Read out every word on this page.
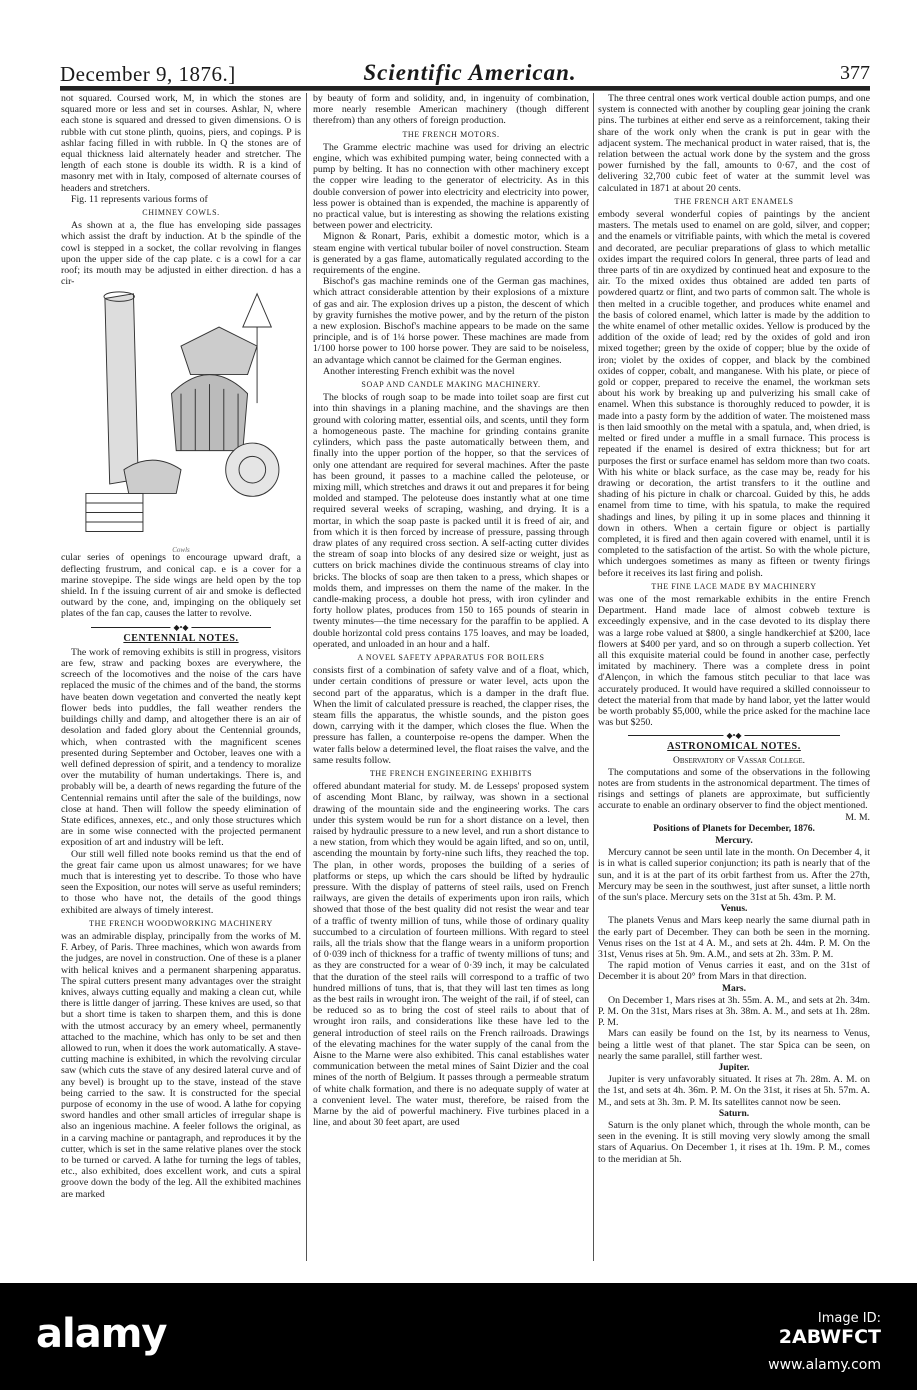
December 9, 1876.]	Scientific American.	377

not squared. Coursed work, M, in which the stones are squared more or less and set in courses. Ashlar, N, where each stone is squared and dressed to given dimensions. O is rubble with cut stone plinth, quoins, piers, and copings. P is ashlar facing filled in with rubble. In Q the stones are of equal thickness laid alternately header and stretcher. The length of each stone is double its width. R is a kind of masonry met with in Italy, composed of alternate courses of headers and stretchers.

Fig. 11 represents various forms of

CHIMNEY COWLS.

As shown at a, the flue has enveloping side passages which assist the draft by induction. At b the spindle of the cowl is stepped in a socket, the collar revolving in flanges upon the upper side of the cap plate. c is a cowl for a car roof; its mouth may be adjusted in either direction. d has a cir-

Cowls

cular series of openings to encourage upward draft, a deflecting frustrum, and conical cap. e is a cover for a marine stovepipe. The side wings are held open by the top shield. In f the issuing current of air and smoke is deflected outward by the cone, and, impinging on the obliquely set plates of the fan cap, causes the latter to revolve.

◆•◆
CENTENNIAL NOTES.

The work of removing exhibits is still in progress, visitors are few, straw and packing boxes are everywhere, the screech of the locomotives and the noise of the cars have replaced the music of the chimes and of the band, the storms have beaten down vegetation and converted the neatly kept flower beds into puddles, the fall weather renders the buildings chilly and damp, and altogether there is an air of desolation and faded glory about the Centennial grounds, which, when contrasted with the magnificent scenes presented during September and October, leaves one with a well defined depression of spirit, and a tendency to moralize over the mutability of human undertakings. There is, and probably will be, a dearth of news regarding the future of the Centennial remains until after the sale of the buildings, now close at hand. Then will follow the speedy elimination of State edifices, annexes, etc., and only those structures which are in some wise connected with the projected permanent exposition of art and industry will be left.

Our still well filled note books remind us that the end of the great fair came upon us almost unawares; for we have much that is interesting yet to describe. To those who have seen the Exposition, our notes will serve as useful reminders; to those who have not, the details of the good things exhibited are always of timely interest.

THE FRENCH WOODWORKING MACHINERY

was an admirable display, principally from the works of M. F. Arbey, of Paris. Three machines, which won awards from the judges, are novel in construction. One of these is a planer with helical knives and a permanent sharpening apparatus. The spiral cutters present many advantages over the straight knives, always cutting equally and making a clean cut, while there is little danger of jarring. These knives are used, so that but a short time is taken to sharpen them, and this is done with the utmost accuracy by an emery wheel, permanently attached to the machine, which has only to be set and then allowed to run, when it does the work automatically. A stave-cutting machine is exhibited, in which the revolving circular saw (which cuts the stave of any desired lateral curve and of any bevel) is brought up to the stave, instead of the stave being carried to the saw. It is constructed for the special purpose of economy in the use of wood. A lathe for copying sword handles and other small articles of irregular shape is also an ingenious machine. A feeler follows the original, as in a carving machine or pantagraph, and reproduces it by the cutter, which is set in the same relative planes over the stock to be turned or carved. A lathe for turning the legs of tables, etc., also exhibited, does excellent work, and cuts a spiral groove down the body of the leg. All the exhibited machines are marked

by beauty of form and solidity, and, in ingenuity of combination, more nearly resemble American machinery (though different therefrom) than any others of foreign production.

THE FRENCH MOTORS.

The Gramme electric machine was used for driving an electric engine, which was exhibited pumping water, being connected with a pump by belting. It has no connection with other machinery except the copper wire leading to the generator of electricity. As in this double conversion of power into electricity and electricity into power, less power is obtained than is expended, the machine is apparently of no practical value, but is interesting as showing the relations existing between power and electricity.

Mignon & Ronart, Paris, exhibit a domestic motor, which is a steam engine with vertical tubular boiler of novel construction. Steam is generated by a gas flame, automatically regulated according to the requirements of the engine.

Bischof's gas machine reminds one of the German gas machines, which attract considerable attention by their explosions of a mixture of gas and air. The explosion drives up a piston, the descent of which by gravity furnishes the motive power, and by the return of the piston a new explosion. Bischof's machine appears to be made on the same principle, and is of 1¼ horse power. These machines are made from 1/100 horse power to 100 horse power. They are said to be noiseless, an advantage which cannot be claimed for the German engines.

Another interesting French exhibit was the novel

SOAP AND CANDLE MAKING MACHINERY.

The blocks of rough soap to be made into toilet soap are first cut into thin shavings in a planing machine, and the shavings are then ground with coloring matter, essential oils, and scents, until they form a homogeneous paste. The machine for grinding contains granite cylinders, which pass the paste automatically between them, and finally into the upper portion of the hopper, so that the services of only one attendant are required for several machines. After the paste has been ground, it passes to a machine called the peloteuse, or mixing mill, which stretches and draws it out and prepares it for being molded and stamped. The peloteuse does instantly what at one time required several weeks of scraping, washing, and drying. It is a mortar, in which the soap paste is packed until it is freed of air, and from which it is then forced by increase of pressure, passing through draw plates of any required cross section. A self-acting cutter divides the stream of soap into blocks of any desired size or weight, just as cutters on brick machines divide the continuous streams of clay into bricks. The blocks of soap are then taken to a press, which shapes or molds them, and impresses on them the name of the maker. In the candle-making process, a double hot press, with iron cylinder and forty hollow plates, produces from 150 to 165 pounds of stearin in twenty minutes—the time necessary for the paraffin to be applied. A double horizontal cold press contains 175 loaves, and may be loaded, operated, and unloaded in an hour and a half.

A NOVEL SAFETY APPARATUS FOR BOILERS

consists first of a combination of safety valve and of a float, which, under certain conditions of pressure or water level, acts upon the second part of the apparatus, which is a damper in the draft flue. When the limit of calculated pressure is reached, the clapper rises, the steam fills the apparatus, the whistle sounds, and the piston goes down, carrying with it the damper, which closes the flue. When the pressure has fallen, a counterpoise re-opens the damper. When the water falls below a determined level, the float raises the valve, and the same results follow.

THE FRENCH ENGINEERING EXHIBITS

offered abundant material for study. M. de Lesseps' proposed system of ascending Mont Blanc, by railway, was shown in a sectional drawing of the mountain side and the engineering works. The cars under this system would be run for a short distance on a level, then raised by hydraulic pressure to a new level, and run a short distance to a new station, from which they would be again lifted, and so on, until, ascending the mountain by forty-nine such lifts, they reached the top. The plan, in other words, proposes the building of a series of platforms or steps, up which the cars should be lifted by hydraulic pressure. With the display of patterns of steel rails, used on French railways, are given the details of experiments upon iron rails, which showed that those of the best quality did not resist the wear and tear of a traffic of twenty million of tuns, while those of ordinary quality succumbed to a circulation of fourteen millions. With regard to steel rails, all the trials show that the flange wears in a uniform proportion of 0·039 inch of thickness for a traffic of twenty millions of tuns; and as they are constructed for a wear of 0·39 inch, it may be calculated that the duration of the steel rails will correspond to a traffic of two hundred millions of tuns, that is, that they will last ten times as long as the best rails in wrought iron. The weight of the rail, if of steel, can be reduced so as to bring the cost of steel rails to about that of wrought iron rails, and considerations like these have led to the general introduction of steel rails on the French railroads. Drawings of the elevating machines for the water supply of the canal from the Aisne to the Marne were also exhibited. This canal establishes water communication between the metal mines of Saint Dizier and the coal mines of the north of Belgium. It passes through a permeable stratum of white chalk formation, and there is no adequate supply of water at a convenient level. The water must, therefore, be raised from the Marne by the aid of powerful machinery. Five turbines placed in a line, and about 30 feet apart, are used

The three central ones work vertical double action pumps, and one system is connected with another by coupling gear joining the crank pins. The turbines at either end serve as a reinforcement, taking their share of the work only when the crank is put in gear with the adjacent system. The mechanical product in water raised, that is, the relation between the actual work done by the system and the gross power furnished by the fall, amounts to 0·67, and the cost of delivering 32,700 cubic feet of water at the summit level was calculated in 1871 at about 20 cents.

THE FRENCH ART ENAMELS

embody several wonderful copies of paintings by the ancient masters. The metals used to enamel on are gold, silver, and copper; and the enamels or vitrifiable paints, with which the metal is covered and decorated, are peculiar preparations of glass to which metallic oxides impart the required colors In general, three parts of lead and three parts of tin are oxydized by continued heat and exposure to the air. To the mixed oxides thus obtained are added ten parts of powdered quartz or flint, and two parts of common salt. The whole is then melted in a crucible together, and produces white enamel and the basis of colored enamel, which latter is made by the addition to the white enamel of other metallic oxides. Yellow is produced by the addition of the oxide of lead; red by the oxides of gold and iron mixed together; green by the oxide of copper; blue by the oxide of iron; violet by the oxides of copper, and black by the combined oxides of copper, cobalt, and manganese. With his plate, or piece of gold or copper, prepared to receive the enamel, the workman sets about his work by breaking up and pulverizing his small cake of enamel. When this substance is thoroughly reduced to powder, it is made into a pasty form by the addition of water. The moistened mass is then laid smoothly on the metal with a spatula, and, when dried, is melted or fired under a muffle in a small furnace. This process is repeated if the enamel is desired of extra thickness; but for art purposes the first or surface enamel has seldom more than two coats. With his white or black surface, as the case may be, ready for his drawing or decoration, the artist transfers to it the outline and shading of his picture in chalk or charcoal. Guided by this, he adds enamel from time to time, with his spatula, to make the required shadings and lines, by piling it up in some places and thinning it down in others. When a certain figure or object is partially completed, it is fired and then again covered with enamel, until it is completed to the satisfaction of the artist. So with the whole picture, which undergoes sometimes as many as fifteen or twenty firings before it receives its last firing and polish.

THE FINE LACE MADE BY MACHINERY

was one of the most remarkable exhibits in the entire French Department. Hand made lace of almost cobweb texture is exceedingly expensive, and in the case devoted to its display there was a large robe valued at $800, a single handkerchief at $200, lace flowers at $400 per yard, and so on through a superb collection. Yet all this exquisite material could be found in another case, perfectly imitated by machinery. There was a complete dress in point d'Alençon, in which the famous stitch peculiar to that lace was accurately produced. It would have required a skilled connoisseur to detect the material from that made by hand labor, yet the latter would be worth probably $5,000, while the price asked for the machine lace was but $250.

◆•◆
ASTRONOMICAL NOTES.

Observatory of Vassar College.

The computations and some of the observations in the following notes are from students in the astronomical department. The times of risings and settings of planets are approximate, but sufficiently accurate to enable an ordinary observer to find the object mentioned.

M. M.

Positions of Planets for December, 1876.
Mercury.

Mercury cannot be seen until late in the month. On December 4, it is in what is called superior conjunction; its path is nearly that of the sun, and it is at the part of its orbit farthest from us. After the 27th, Mercury may be seen in the southwest, just after sunset, a little north of the sun's place. Mercury sets on the 31st at 5h. 43m. P. M.

Venus.

The planets Venus and Mars keep nearly the same diurnal path in the early part of December. They can both be seen in the morning. Venus rises on the 1st at 4 A. M., and sets at 2h. 44m. P. M. On the 31st, Venus rises at 5h. 9m. A.M., and sets at 2h. 33m. P. M.

The rapid motion of Venus carries it east, and on the 31st of December it is about 20° from Mars in that direction.

Mars.

On December 1, Mars rises at 3h. 55m. A. M., and sets at 2h. 34m. P. M. On the 31st, Mars rises at 3h. 38m. A. M., and sets at 1h. 28m. P. M.

Mars can easily be found on the 1st, by its nearness to Venus, being a little west of that planet. The star Spica can be seen, on nearly the same parallel, still farther west.

Jupiter.

Jupiter is very unfavorably situated. It rises at 7h. 28m. A. M. on the 1st, and sets at 4h. 36m. P. M. On the 31st, it rises at 5h. 57m. A. M., and sets at 3h. 3m. P. M. Its satellites cannot now be seen.

Saturn.

Saturn is the only planet which, through the whole month, can be seen in the evening. It is still moving very slowly among the small stars of Aquarius. On December 1, it rises at 1h. 19m. P. M., comes to the meridian at 5h.

alamy	Image ID:
2ABWFCT
www.alamy.com
